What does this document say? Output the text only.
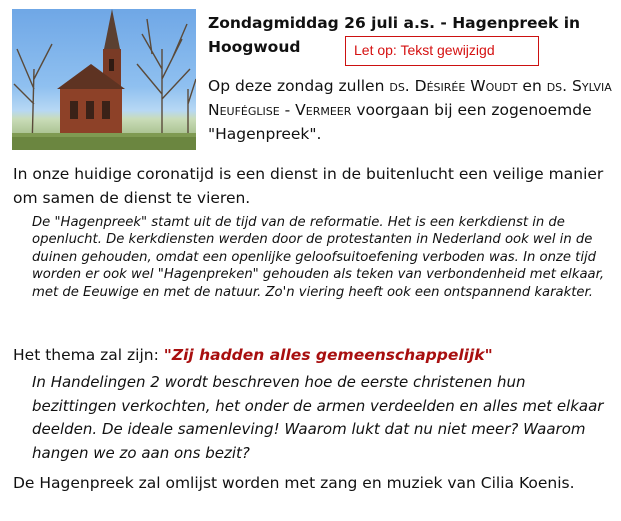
Zondagmiddag 26 juli a.s. - Hagenpreek in Hoogwoud	Let op: Tekst gewijzigd
Op deze zondag zullen ds. Désirée Woudt en ds. Sylvia Neuféglise - Vermeer voorgaan bij een zogenoemde "Hagenpreek".
In onze huidige coronatijd is een dienst in de buitenlucht een veilige manier om samen de dienst te vieren.
De "Hagenpreek" stamt uit de tijd van de reformatie. Het is een kerkdienst in de openlucht. De kerkdiensten werden door de protestanten in Nederland ook wel in de duinen gehouden, omdat een openlijke geloofsuitoefening verboden was. In onze tijd worden er ook wel "Hagenpreken" gehouden als teken van verbondenheid met elkaar, met de Eeuwige en met de natuur. Zo'n viering heeft ook een ontspannend karakter.
Het thema zal zijn: "Zij hadden alles gemeenschappelijk"
In Handelingen 2 wordt beschreven hoe de eerste christenen hun bezittingen verkochten, het onder de armen verdeelden en alles met elkaar deelden. De ideale samenleving! Waarom lukt dat nu niet meer? Waarom hangen we zo aan ons bezit?
De Hagenpreek zal omlijst worden met zang en muziek van Cilia Koenis.
